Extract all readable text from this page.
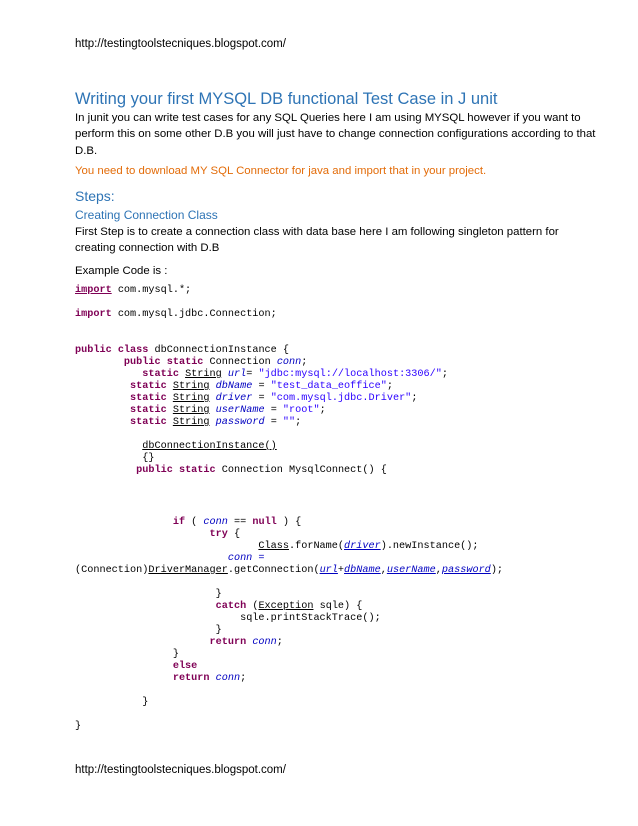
http://testingtoolstecniques.blogspot.com/
Writing your first MYSQL DB functional Test Case in J unit
In junit you can write test cases for any SQL Queries here I am using MYSQL however if you want to
perform this on some other D.B you will just have to change connection configurations according to that
D.B.
You need to download MY SQL Connector for java and import that in your project.
Steps:
Creating Connection Class
First Step is to create a connection class with data base here I am following singleton pattern for
creating connection with D.B
Example Code is :
import com.mysql.*;
import com.mysql.jdbc.Connection;
public class dbConnectionInstance {
public static Connection conn;
static String url= "jdbc:mysql://localhost:3306/";
static String dbName = "test_data_eoffice";
static String driver = "com.mysql.jdbc.Driver";
static String userName = "root";
static String password = "";

dbConnectionInstance()
{}
public static Connection MysqlConnect() {
if ( conn == null ) {
try {
Class.forName(driver).newInstance();
conn =
(Connection)DriverManager.getConnection(url+dbName,userName,password);

}
catch (Exception sqle) {
sqle.printStackTrace();
}
return conn;
}
else
return conn;

}

}
http://testingtoolstecniques.blogspot.com/
